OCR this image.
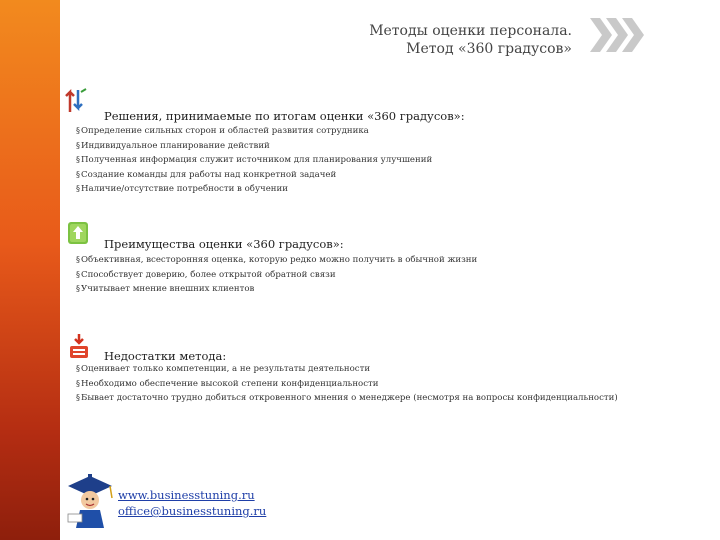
Методы оценки персонала.
Метод «360 градусов»
Решения, принимаемые по итогам оценки «360 градусов»:
§ Определение сильных сторон и областей развития сотрудника
§ Индивидуальное планирование действий
§ Полученная информация служит источником для планирования улучшений
§ Создание команды для работы над конкретной задачей
§ Наличие/отсутствие потребности в обучении
Преимущества оценки «360 градусов»:
§ Объективная, всесторонняя оценка, которую редко можно получить в обычной жизни
§ Способствует доверию, более открытой обратной связи
§ Учитывает мнение внешних клиентов
Недостатки метода:
§ Оценивает только компетенции, а не результаты деятельности
§ Необходимо обеспечение высокой степени конфиденциальности
§ Бывает достаточно трудно добиться откровенного мнения о менеджере (несмотря на вопросы конфиденциальности)
www.businesstuning.ru
office@businesstuning.ru
